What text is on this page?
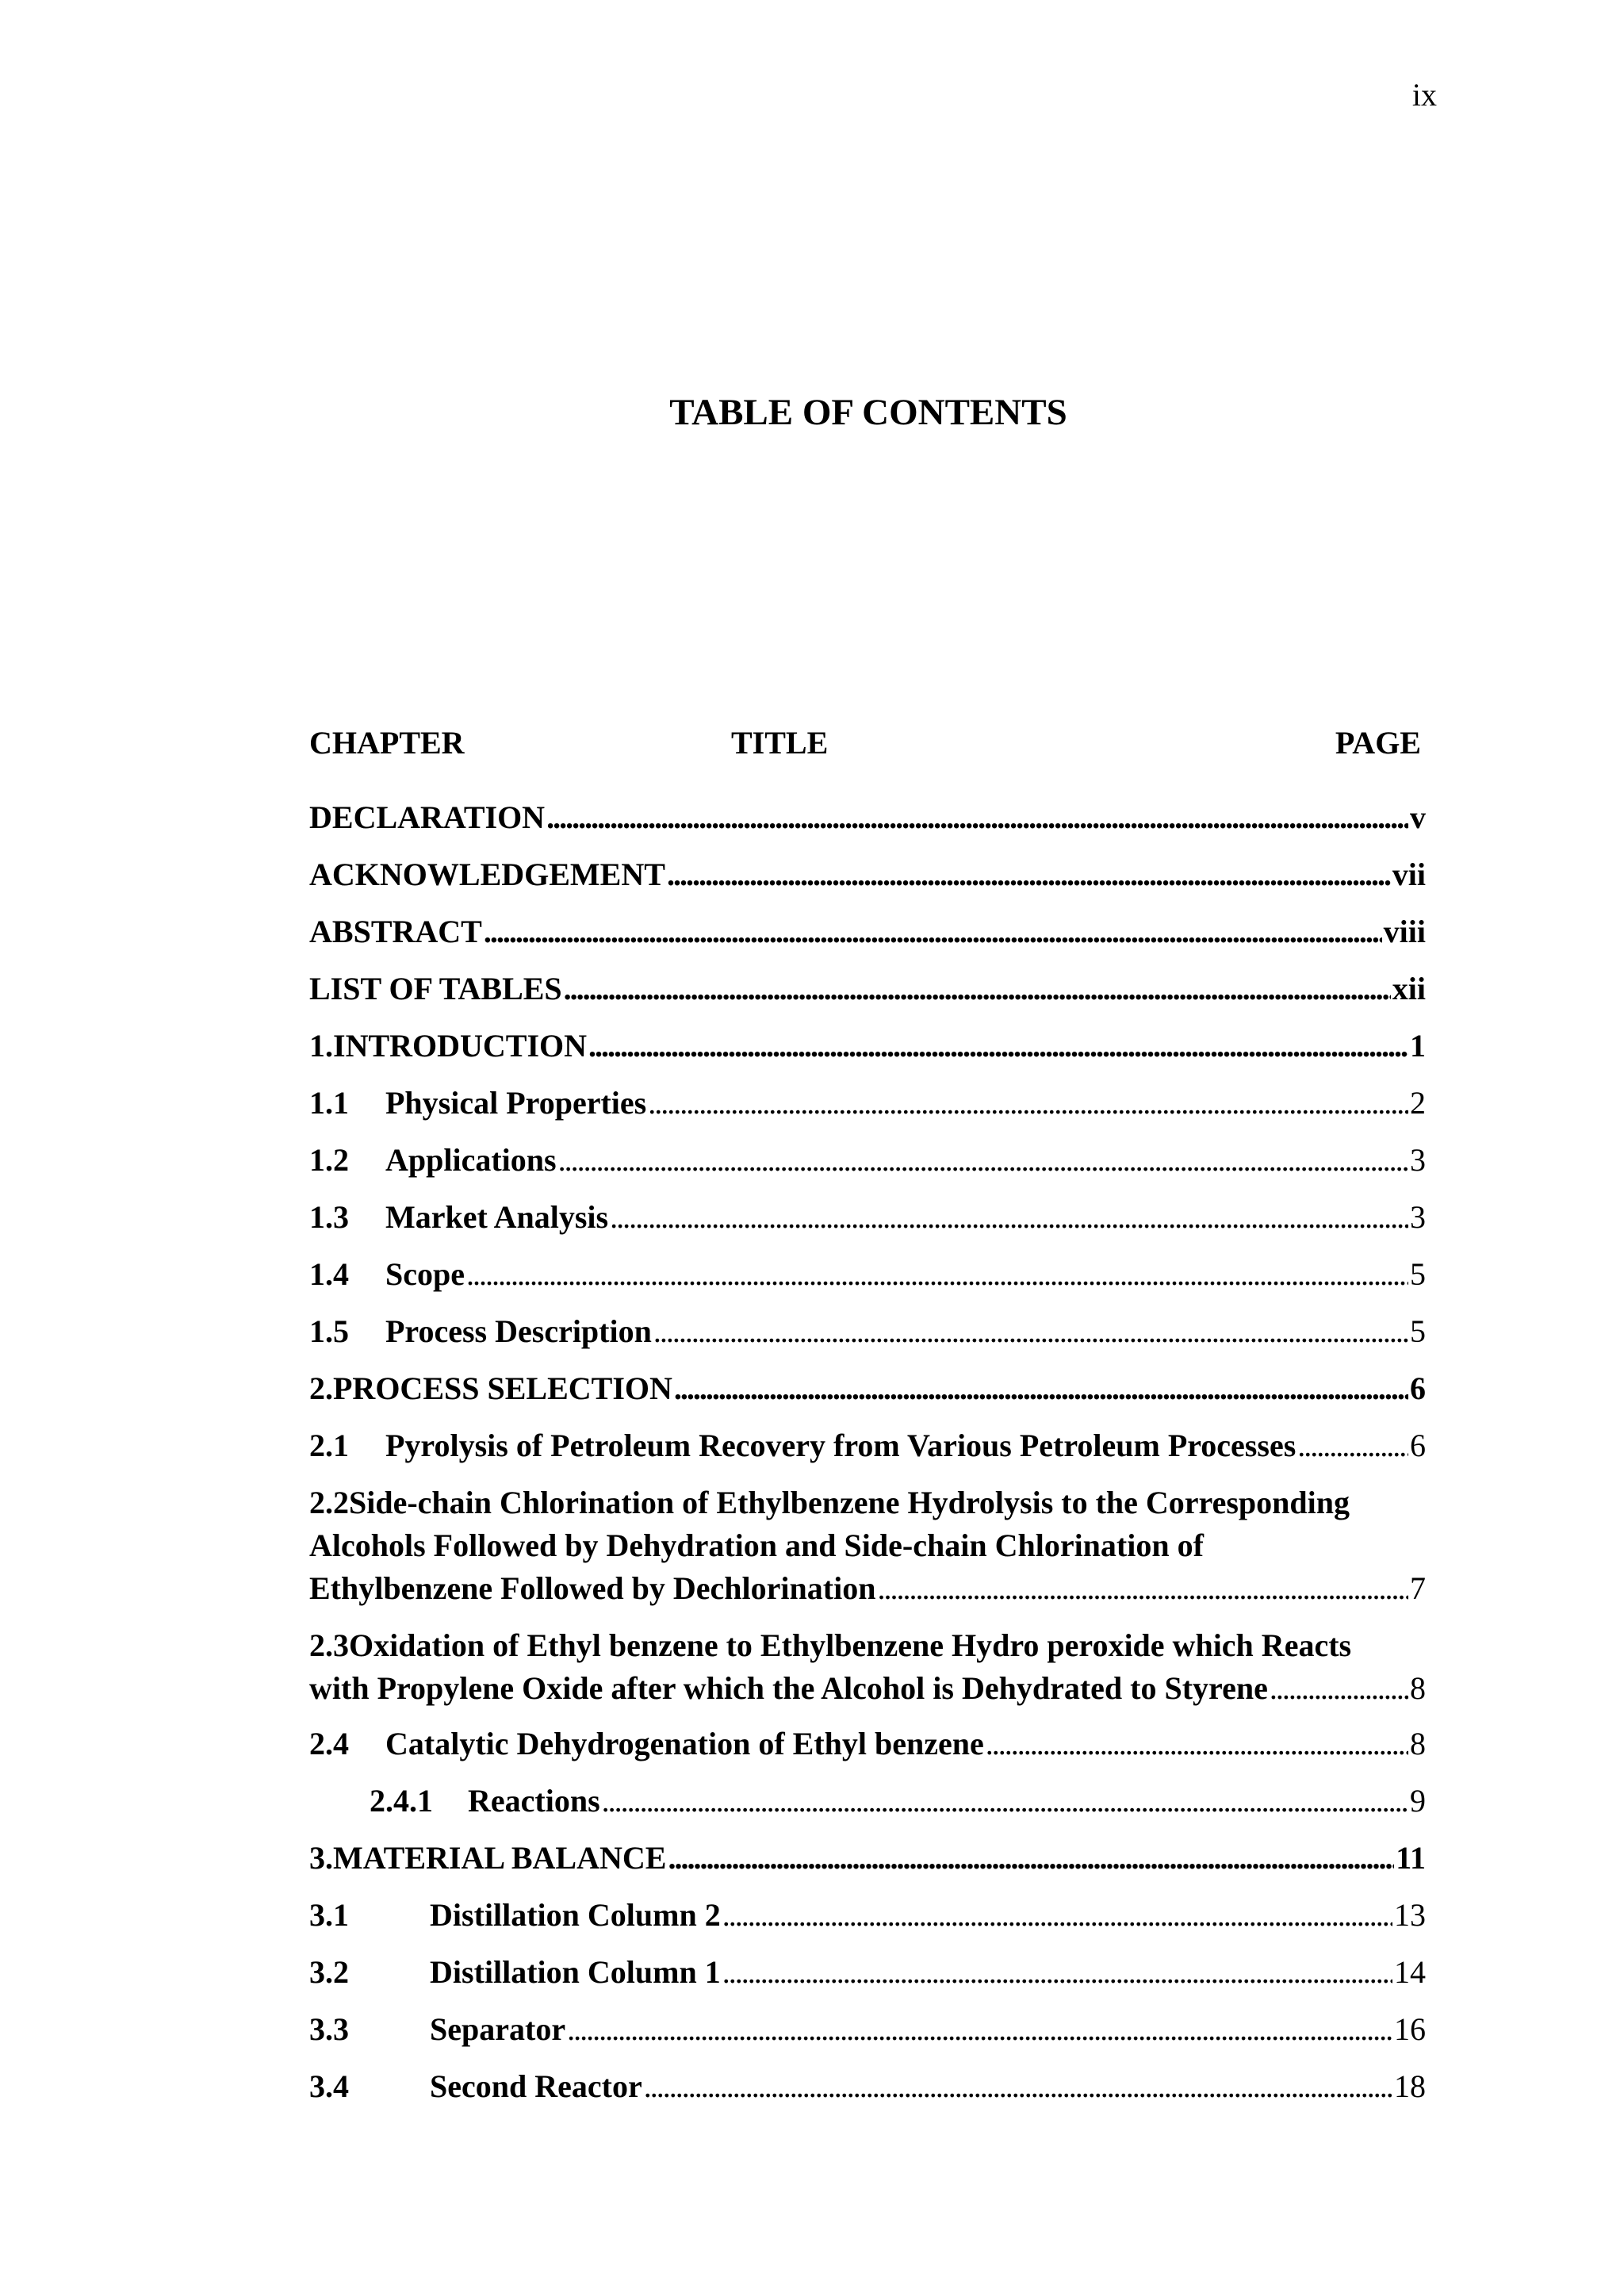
ix
TABLE OF CONTENTS
CHAPTER	TITLE	PAGE
DECLARATION . . .	v
ACKNOWLEDGEMENT . . .	vii
ABSTRACT . . .	viii
LIST OF TABLES . . .	xii
1.INTRODUCTION . . .	1
1.1	Physical Properties . . .	2
1.2	Applications . . .	3
1.3	Market Analysis . . .	3
1.4	Scope . . .	5
1.5	Process Description . . .	5
2.PROCESS SELECTION . . .	6
2.1	Pyrolysis of Petroleum Recovery from Various Petroleum Processes . . .	6
2.2Side-chain Chlorination of Ethylbenzene Hydrolysis to the Corresponding
Alcohols Followed by Dehydration and Side-chain Chlorination of
Ethylbenzene Followed by Dechlorination . . .	7
2.3Oxidation of Ethyl benzene to Ethylbenzene Hydro peroxide which Reacts
with Propylene Oxide after which the Alcohol is Dehydrated to Styrene . . .	8
2.4	Catalytic Dehydrogenation of Ethyl benzene . . .	8
2.4.1	Reactions . . .	9
3.MATERIAL BALANCE . . .	11
3.1	Distillation Column 2 . . .	13
3.2	Distillation Column 1 . . .	14
3.3	Separator . . .	16
3.4	Second Reactor . . .	18
